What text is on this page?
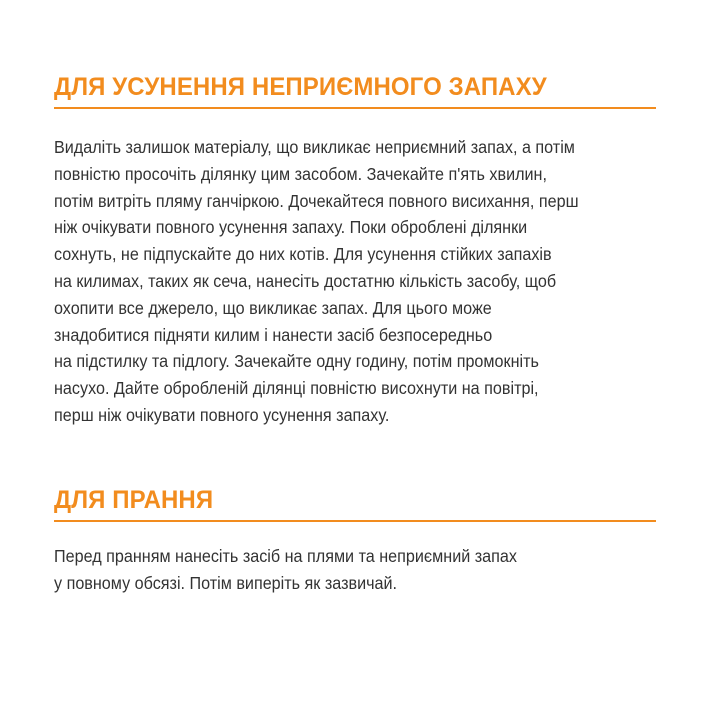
ДЛЯ УСУНЕННЯ НЕПРИЄМНОГО ЗАПАХУ

Видаліть залишок матеріалу, що викликає неприємний запах, а потім
повністю просочіть ділянку цим засобом. Зачекайте п'ять хвилин,
потім витріть пляму ганчіркою. Дочекайтеся повного висихання, перш
ніж очікувати повного усунення запаху. Поки оброблені ділянки
сохнуть, не підпускайте до них котів. Для усунення стійких запахів
на килимах, таких як сеча, нанесіть достатню кількість засобу, щоб
охопити все джерело, що викликає запах. Для цього може
знадобитися підняти килим і нанести засіб безпосередньо
на підстилку та підлогу. Зачекайте одну годину, потім промокніть
насухо. Дайте обробленій ділянці повністю висохнути на повітрі,
перш ніж очікувати повного усунення запаху.

ДЛЯ ПРАННЯ

Перед пранням нанесіть засіб на плями та неприємний запах
у повному обсязі. Потім виперіть як зазвичай.
